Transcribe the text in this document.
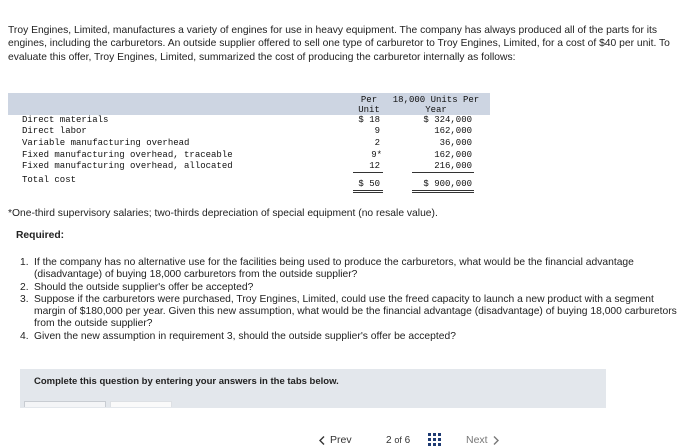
Troy Engines, Limited, manufactures a variety of engines for use in heavy equipment. The company has always produced all of the parts for its engines, including the carburetors. An outside supplier offered to sell one type of carburetor to Troy Engines, Limited, for a cost of $40 per unit. To evaluate this offer, Troy Engines, Limited, summarized the cost of producing the carburetor internally as follows:
Per
Unit
18,000 Units Per
Year
Direct materials	$ 18	$ 324,000
Direct labor	9	162,000
Variable manufacturing overhead	2	36,000
Fixed manufacturing overhead, traceable	9*	162,000
Fixed manufacturing overhead, allocated	12	216,000
Total cost	$ 50	$ 900,000
*One-third supervisory salaries; two-thirds depreciation of special equipment (no resale value).
Required:
1. If the company has no alternative use for the facilities being used to produce the carburetors, what would be the financial advantage (disadvantage) of buying 18,000 carburetors from the outside supplier?
2. Should the outside supplier's offer be accepted?
3. Suppose if the carburetors were purchased, Troy Engines, Limited, could use the freed capacity to launch a new product with a segment margin of $180,000 per year. Given this new assumption, what would be the financial advantage (disadvantage) of buying 18,000 carburetors from the outside supplier?
4. Given the new assumption in requirement 3, should the outside supplier's offer be accepted?
Complete this question by entering your answers in the tabs below.
Prev	2 of 6	Next
